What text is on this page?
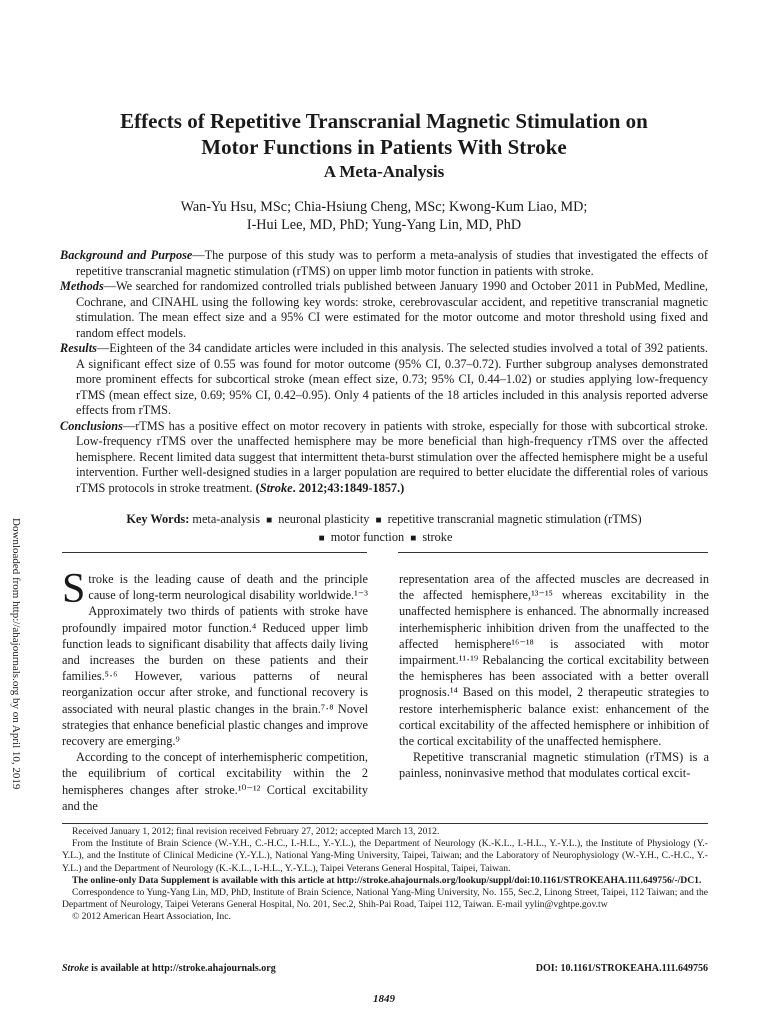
Effects of Repetitive Transcranial Magnetic Stimulation on
Motor Functions in Patients With Stroke
A Meta-Analysis
Wan-Yu Hsu, MSc; Chia-Hsiung Cheng, MSc; Kwong-Kum Liao, MD;
I-Hui Lee, MD, PhD; Yung-Yang Lin, MD, PhD

Background and Purpose—The purpose of this study was to perform a meta-analysis of studies that investigated the effects of repetitive transcranial magnetic stimulation (rTMS) on upper limb motor function in patients with stroke.

Methods—We searched for randomized controlled trials published between January 1990 and October 2011 in PubMed, Medline, Cochrane, and CINAHL using the following key words: stroke, cerebrovascular accident, and repetitive transcranial magnetic stimulation. The mean effect size and a 95% CI were estimated for the motor outcome and motor threshold using fixed and random effect models.

Results—Eighteen of the 34 candidate articles were included in this analysis. The selected studies involved a total of 392 patients. A significant effect size of 0.55 was found for motor outcome (95% CI, 0.37–0.72). Further subgroup analyses demonstrated more prominent effects for subcortical stroke (mean effect size, 0.73; 95% CI, 0.44–1.02) or studies applying low-frequency rTMS (mean effect size, 0.69; 95% CI, 0.42–0.95). Only 4 patients of the 18 articles included in this analysis reported adverse effects from rTMS.

Conclusions—rTMS has a positive effect on motor recovery in patients with stroke, especially for those with subcortical stroke. Low-frequency rTMS over the unaffected hemisphere may be more beneficial than high-frequency rTMS over the affected hemisphere. Recent limited data suggest that intermittent theta-burst stimulation over the affected hemisphere might be a useful intervention. Further well-designed studies in a larger population are required to better elucidate the differential roles of various rTMS protocols in stroke treatment. (Stroke. 2012;43:1849-1857.)

Key Words: meta-analysis ■ neuronal plasticity ■ repetitive transcranial magnetic stimulation (rTMS)
■ motor function ■ stroke
Downloaded from http://ahajournals.org by on April 10, 2019 Stroke is the leading cause of death and the principle cause of long-term neurological disability worldwide.¹⁻³ Approximately two thirds of patients with stroke have profoundly impaired motor function.⁴ Reduced upper limb function leads to significant disability that affects daily living and increases the burden on these patients and their families.⁵·⁶ However, various patterns of neural reorganization occur after stroke, and functional recovery is associated with neural plastic changes in the brain.⁷·⁸ Novel strategies that enhance beneficial plastic changes and improve recovery are emerging.⁹

According to the concept of interhemispheric competition, the equilibrium of cortical excitability within the 2 hemispheres changes after stroke.¹⁰⁻¹² Cortical excitability and the

representation area of the affected muscles are decreased in the affected hemisphere,¹³⁻¹⁵ whereas excitability in the unaffected hemisphere is enhanced. The abnormally increased interhemispheric inhibition driven from the unaffected to the affected hemisphere¹⁶⁻¹⁸ is associated with motor impairment.¹¹·¹⁹ Rebalancing the cortical excitability between the hemispheres has been associated with a better overall prognosis.¹⁴ Based on this model, 2 therapeutic strategies to restore interhemispheric balance exist: enhancement of the cortical excitability of the affected hemisphere or inhibition of the cortical excitability of the unaffected hemisphere.

Repetitive transcranial magnetic stimulation (rTMS) is a painless, noninvasive method that modulates cortical excit-

Received January 1, 2012; final revision received February 27, 2012; accepted March 13, 2012.

From the Institute of Brain Science (W.-Y.H., C.-H.C., I.-H.L., Y.-Y.L.), the Department of Neurology (K.-K.L., I.-H.L., Y.-Y.L.), the Institute of Physiology (Y.-Y.L.), and the Institute of Clinical Medicine (Y.-Y.L.), National Yang-Ming University, Taipei, Taiwan; and the Laboratory of Neurophysiology (W.-Y.H., C.-H.C., Y.-Y.L.) and the Department of Neurology (K.-K.L., I.-H.L., Y.-Y.L.), Taipei Veterans General Hospital, Taipei, Taiwan.

The online-only Data Supplement is available with this article at http://stroke.ahajournals.org/lookup/suppl/doi:10.1161/STROKEAHA.111.649756/-/DC1.

Correspondence to Yung-Yang Lin, MD, PhD, Institute of Brain Science, National Yang-Ming University, No. 155, Sec.2, Linong Street, Taipei, 112 Taiwan; and the Department of Neurology, Taipei Veterans General Hospital, No. 201, Sec.2, Shih-Pai Road, Taipei 112, Taiwan. E-mail yylin@vghtpe.gov.tw

© 2012 American Heart Association, Inc.

Stroke is available at http://stroke.ahajournals.org	DOI: 10.1161/STROKEAHA.111.649756
1849
